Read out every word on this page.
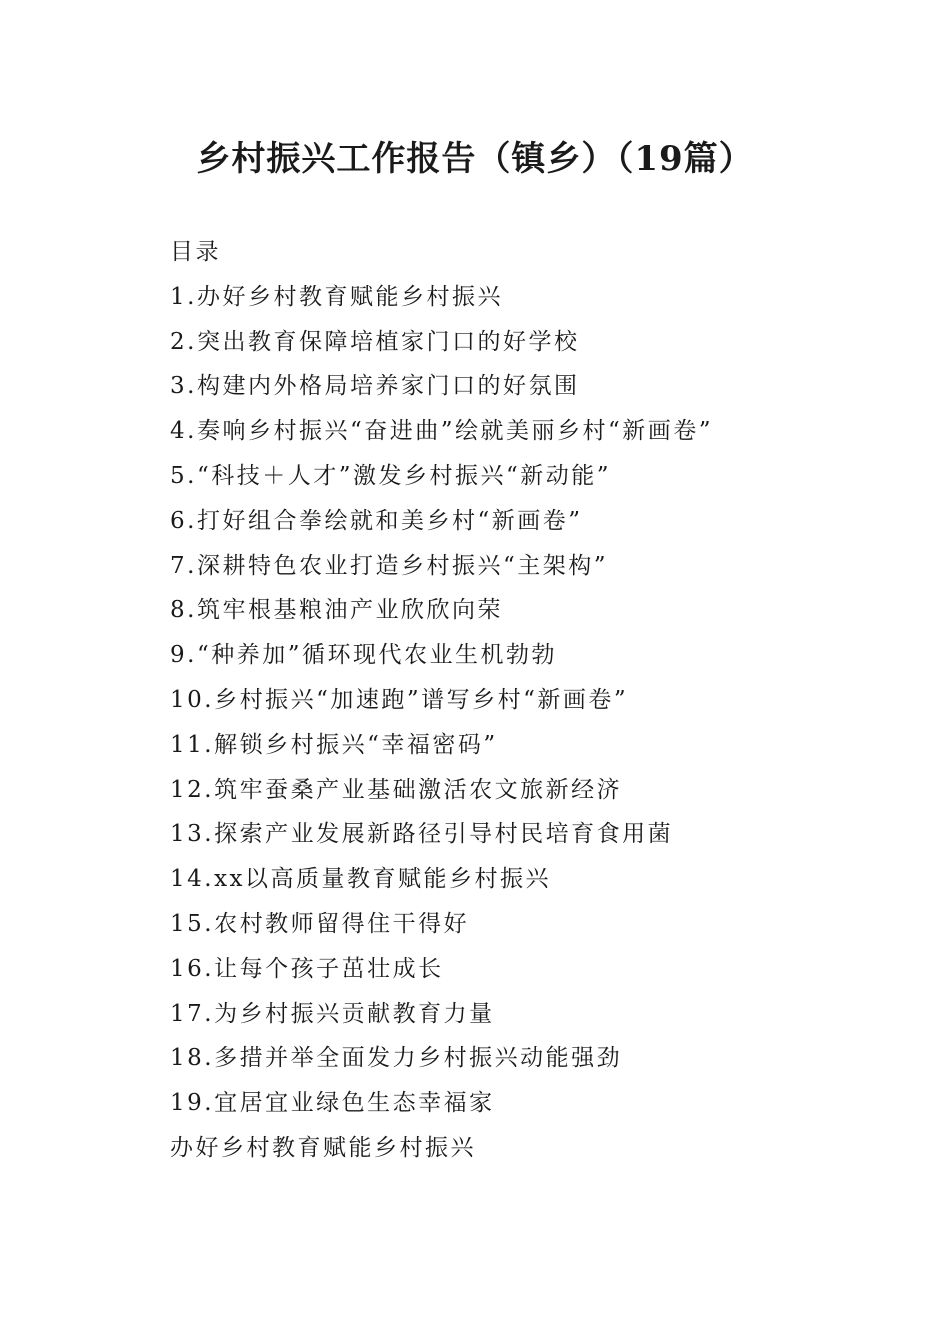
乡村振兴工作报告（镇乡）（19篇）
目录
1.办好乡村教育赋能乡村振兴
2.突出教育保障培植家门口的好学校
3.构建内外格局培养家门口的好氛围
4.奏响乡村振兴“奋进曲”绘就美丽乡村“新画卷”
5.“科技＋人才”激发乡村振兴“新动能”
6.打好组合拳绘就和美乡村“新画卷”
7.深耕特色农业打造乡村振兴“主架构”
8.筑牢根基粮油产业欣欣向荣
9.“种养加”循环现代农业生机勃勃
10.乡村振兴“加速跑”谱写乡村“新画卷”
11.解锁乡村振兴“幸福密码”
12.筑牢蚕桑产业基础激活农文旅新经济
13.探索产业发展新路径引导村民培育食用菌
14.xx以高质量教育赋能乡村振兴
15.农村教师留得住干得好
16.让每个孩子茁壮成长
17.为乡村振兴贡献教育力量
18.多措并举全面发力乡村振兴动能强劲
19.宜居宜业绿色生态幸福家
办好乡村教育赋能乡村振兴
